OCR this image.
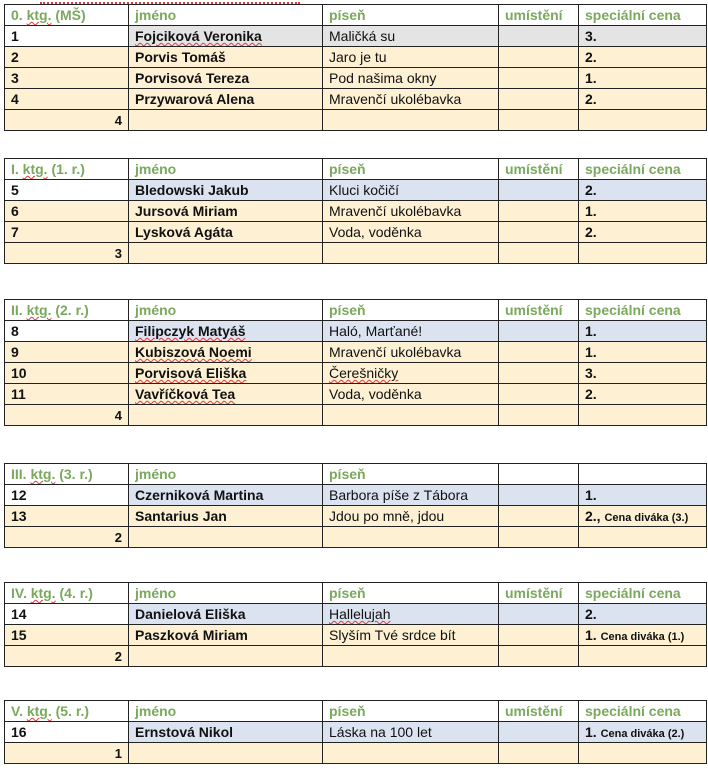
0. ktg. (MŠ)	jméno	píseň	umístění	speciální cena
1	Fojciková Veronika	Maličká su		3.
2	Porvis Tomáš	Jaro je tu		2.
3	Porvisová Tereza	Pod našima okny		1.
4	Przywarová Alena	Mravenčí ukolébavka		2.
4				
I. ktg. (1. r.)	jméno	píseň	umístění	speciální cena
5	Bledowski Jakub	Kluci kočičí		2.
6	Jursová Miriam	Mravenčí ukolébavka		1.
7	Lysková Agáta	Voda, voděnka		2.
3				
II. ktg. (2. r.)	jméno	píseň	umístění	speciální cena
8	Filipczyk Matyáš	Haló, Marťané!		1.
9	Kubiszová Noemi	Mravenčí ukolébavka		1.
10	Porvisová Eliška	Čerešničky		3.
11	Vavříčková Tea	Voda, voděnka		2.
4				
III. ktg. (3. r.)	jméno	píseň		
12	Czerniková Martina	Barbora píše z Tábora		1.
13	Santarius Jan	Jdou po mně, jdou		2., Cena diváka (3.)
2				
IV. ktg. (4. r.)	jméno	píseň	umístění	speciální cena
14	Danielová Eliška	Hallelujah		2.
15	Paszková Miriam	Slyším Tvé srdce bít		1. Cena diváka (1.)
2				
V. ktg. (5. r.)	jméno	píseň	umístění	speciální cena
16	Ernstová Nikol	Láska na 100 let		1. Cena diváka (2.)
1				
